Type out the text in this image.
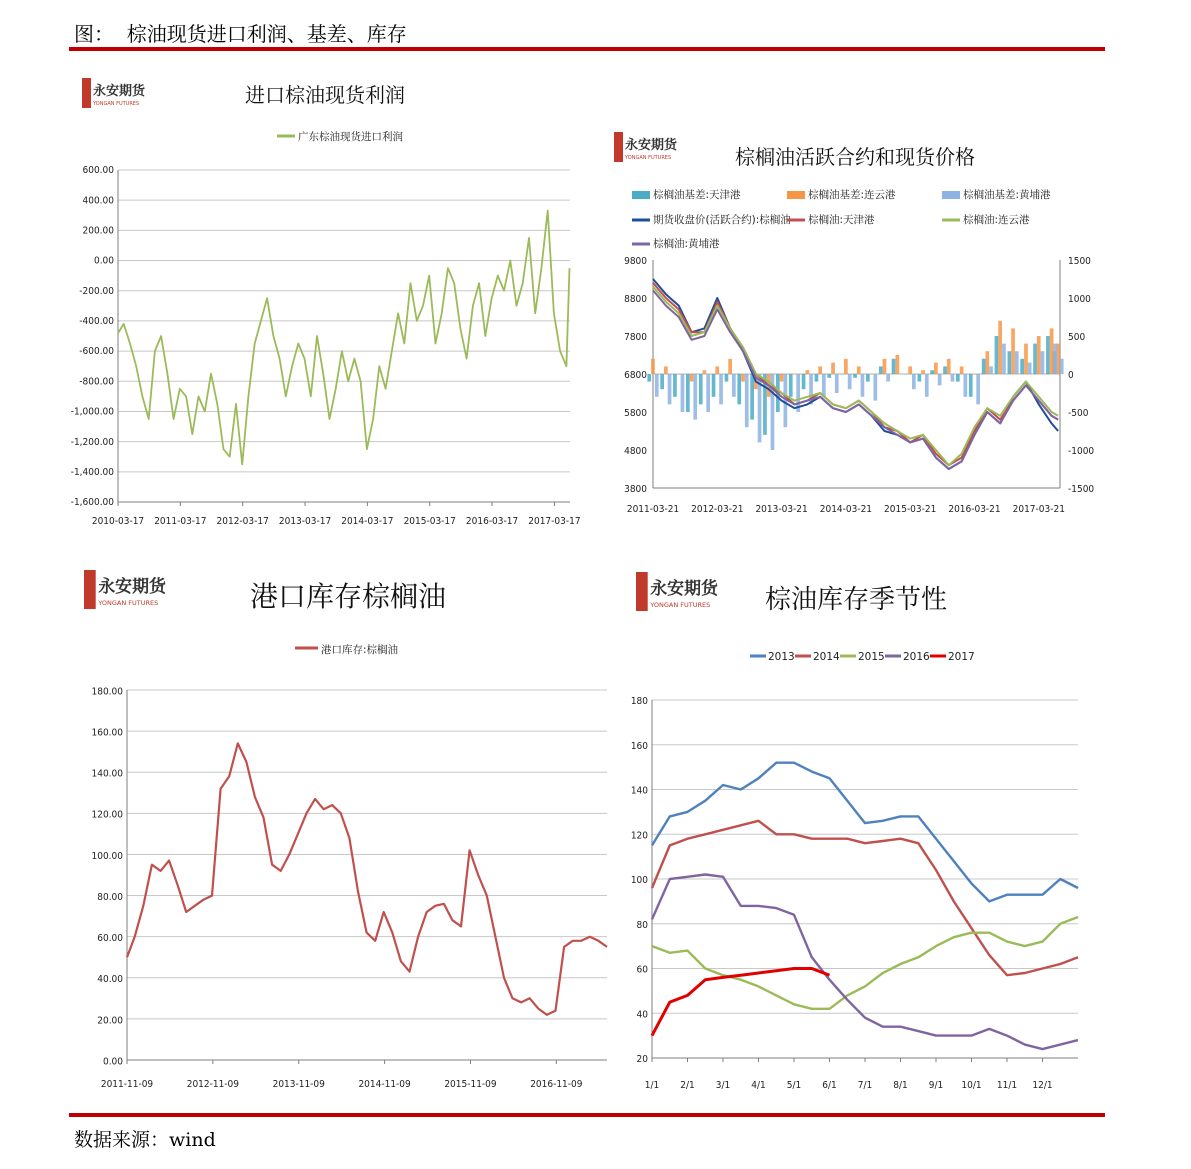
图：  棕油现货进口利润、基差、库存
永安期货
YONGAN FUTURES	进口棕油现货利润
广东棕油现货进口利润
600.00
400.00
200.00
0.00
-200.00
-400.00
-600.00
-800.00
-1,000.00
-1,200.00
-1,400.00
-1,600.00
2010-03-17 2011-03-17 2012-03-17 2013-03-17 2014-03-17 2015-03-17 2016-03-17 2017-03-17
永安期货
YONGAN FUTURES	棕榈油活跃合约和现货价格
棕榈油基差:天津港	棕榈油基差:连云港	棕榈油基差:黄埔港
期货收盘价(活跃合约):棕榈油 棕榈油:天津港	棕榈油:连云港
棕榈油:黄埔港
9800
8800
7800
6800
5800
4800
3800
1500
1000
500
0
-500
-1000
-1500
2011-03-21 2012-03-21 2013-03-21 2014-03-21 2015-03-21 2016-03-21 2017-03-21
永安期货
YONGAN FUTURES	港口库存棕榈油
港口库存:棕榈油
180.00
160.00
140.00
120.00
100.00
80.00
60.00
40.00
20.00
0.00
2011-11-09	2012-11-09	2013-11-09	2014-11-09	2015-11-09	2016-11-09
永安期货
YONGAN FUTURES 棕油库存季节性
2013 2014 2015 2016 2017
180
160
140
120
100
80
60
40
20
1/1 2/1 3/1 4/1 5/1 6/1 7/1 8/1 9/1 10/1 11/1 12/1
数据来源：wind
